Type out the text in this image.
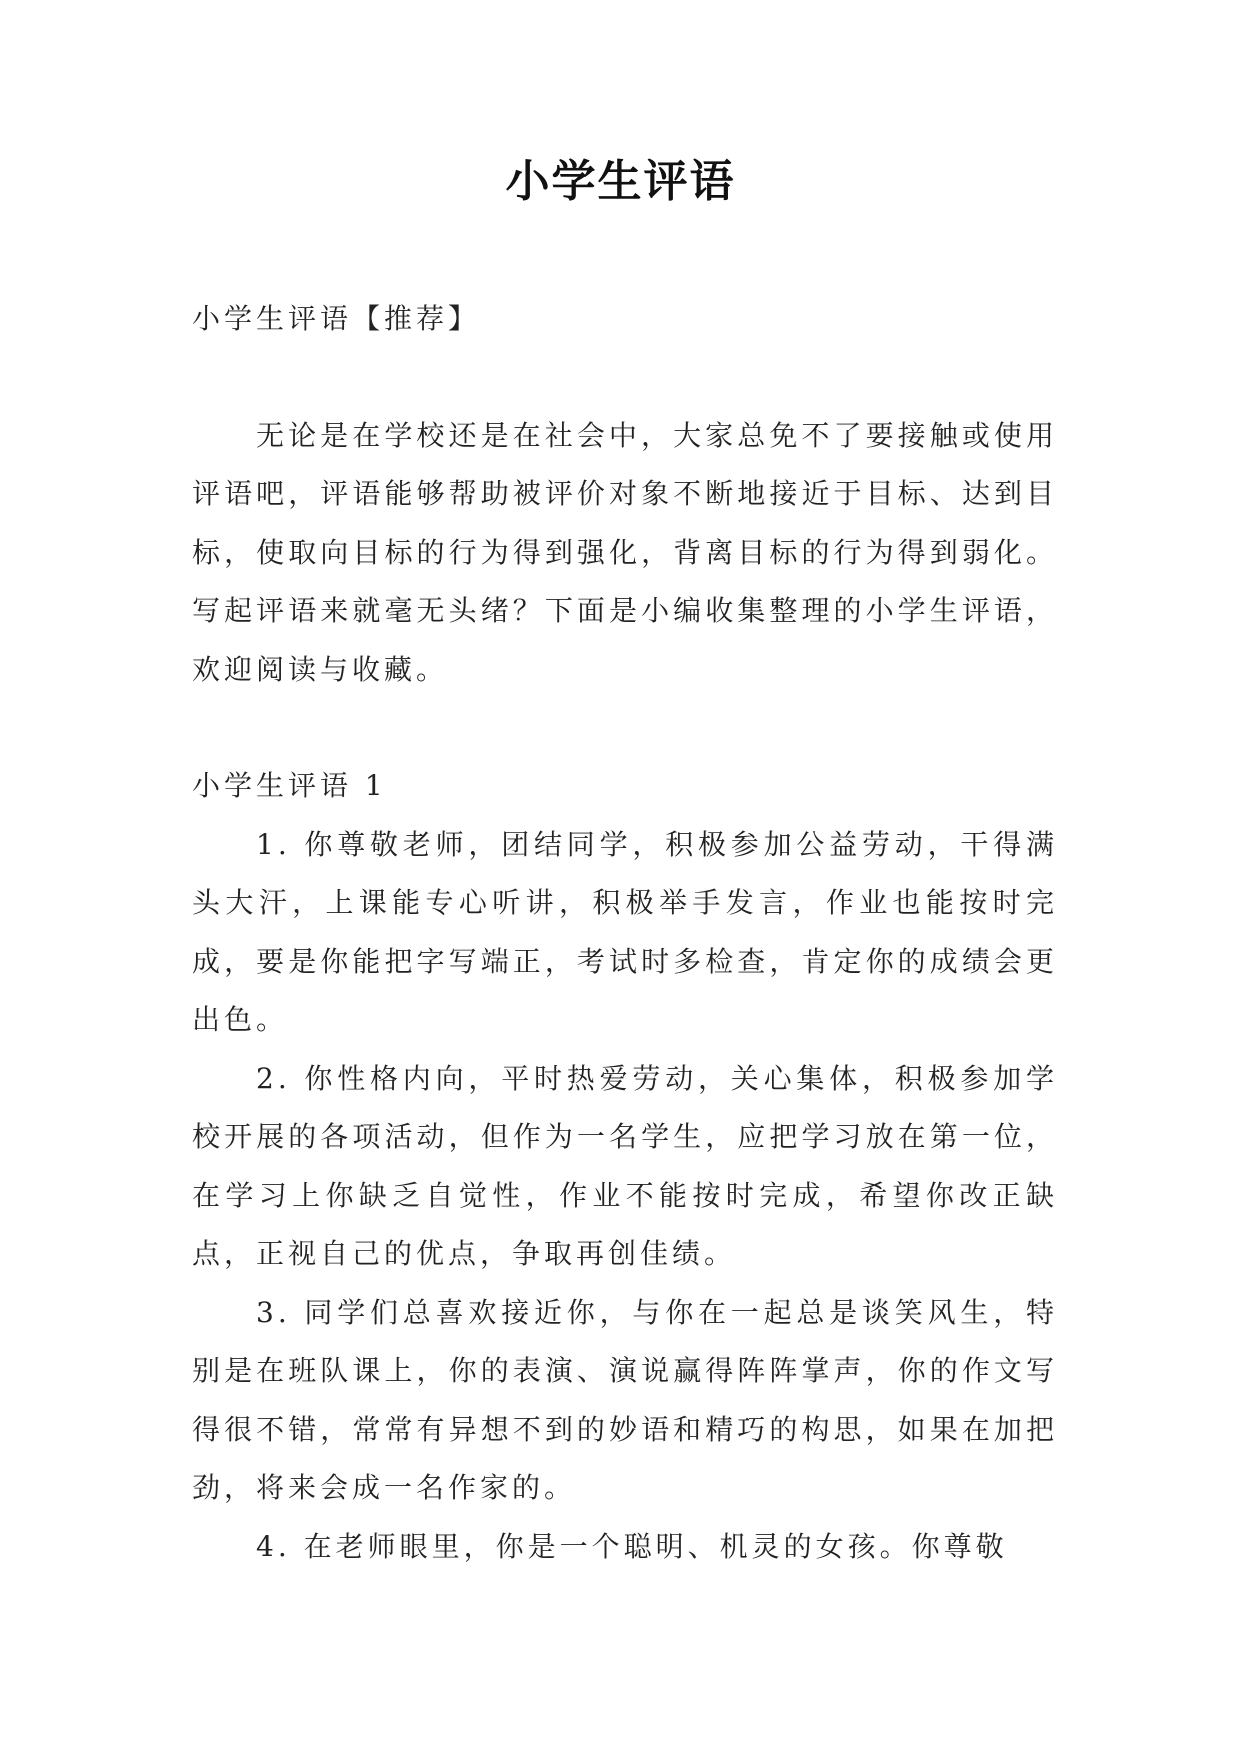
小学生评语

小学生评语【推荐】

无论是在学校还是在社会中，大家总免不了要接触或使用评语吧，评语能够帮助被评价对象不断地接近于目标、达到目标，使取向目标的行为得到强化，背离目标的行为得到弱化。写起评语来就毫无头绪？下面是小编收集整理的小学生评语，欢迎阅读与收藏。

小学生评语 1

1. 你尊敬老师，团结同学，积极参加公益劳动，干得满头大汗，上课能专心听讲，积极举手发言，作业也能按时完成，要是你能把字写端正，考试时多检查，肯定你的成绩会更出色。

2. 你性格内向，平时热爱劳动，关心集体，积极参加学校开展的各项活动，但作为一名学生，应把学习放在第一位，在学习上你缺乏自觉性，作业不能按时完成，希望你改正缺点，正视自己的优点，争取再创佳绩。

3. 同学们总喜欢接近你，与你在一起总是谈笑风生，特别是在班队课上，你的表演、演说赢得阵阵掌声，你的作文写得很不错，常常有异想不到的妙语和精巧的构思，如果在加把劲，将来会成一名作家的。

4. 在老师眼里，你是一个聪明、机灵的女孩。你尊敬
